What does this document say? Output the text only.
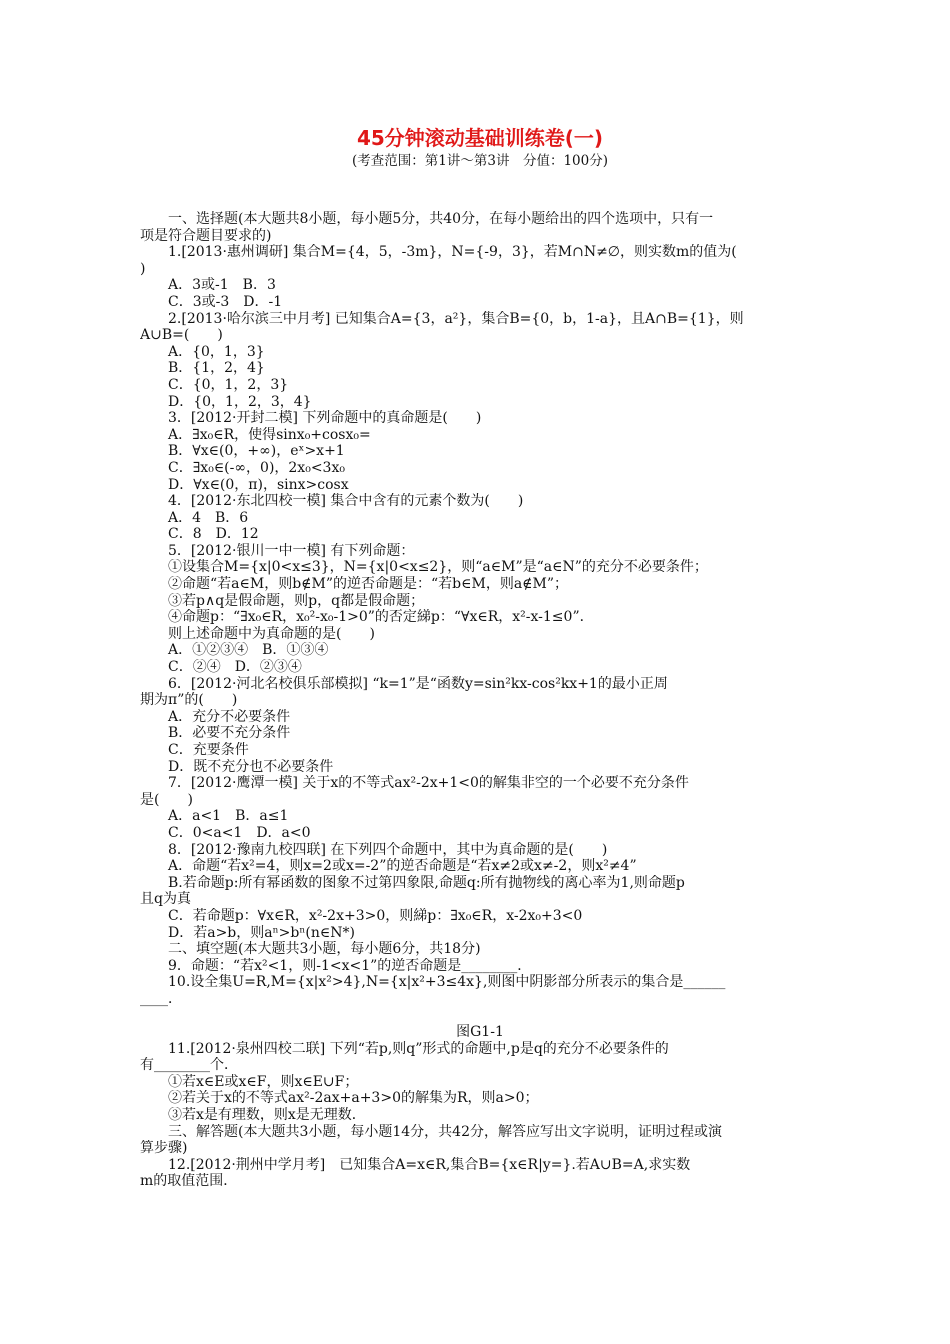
45分钟滚动基础训练卷(一)
(考查范围：第1讲～第3讲　分值：100分)
一、选择题(本大题共8小题，每小题5分，共40分，在每小题给出的四个选项中，只有一
项是符合题目要求的)
1.[2013·惠州调研] 集合M={4，5，-3m}，N={-9，3}，若M∩N≠∅，则实数m的值为(
)
A．3或-1　B．3
C．3或-3　D．-1
2.[2013·哈尔滨三中月考] 已知集合A={3，a²}，集合B={0，b，1-a}，且A∩B={1}，则
A∪B=(　　)
A．{0，1，3}
B．{1，2，4}
C．{0，1，2，3}
D．{0，1，2，3，4}
3．[2012·开封二模] 下列命题中的真命题是(　　)
A．∃x₀∈R，使得sinx₀+cosx₀=
B．∀x∈(0，+∞)，eˣ>x+1
C．∃x₀∈(-∞，0)，2x₀<3x₀
D．∀x∈(0，π)，sinx>cosx
4．[2012·东北四校一模] 集合中含有的元素个数为(　　)
A．4　B．6
C．8　D．12
5．[2012·银川一中一模] 有下列命题：
①设集合M={x|0<x≤3}，N={x|0<x≤2}，则“a∈M”是“a∈N”的充分不必要条件；
②命题“若a∈M，则b∉M”的逆否命题是：“若b∈M，则a∉M”；
③若p∧q是假命题，则p，q都是假命题；
④命题p：“∃x₀∈R，x₀²-x₀-1>0”的否定綈p：“∀x∈R，x²-x-1≤0”．
则上述命题中为真命题的是(　　)
A．①②③④　B．①③④
C．②④　D．②③④
6．[2012·河北名校俱乐部模拟] “k=1”是“函数y=sin²kx-cos²kx+1的最小正周
期为π”的(　　)
A．充分不必要条件
B．必要不充分条件
C．充要条件
D．既不充分也不必要条件
7．[2012·鹰潭一模] 关于x的不等式ax²-2x+1<0的解集非空的一个必要不充分条件
是(　　)
A．a<1　B．a≤1
C．0<a<1　D．a<0
8．[2012·豫南九校四联] 在下列四个命题中，其中为真命题的是(　　)
A．命题“若x²=4，则x=2或x=-2”的逆否命题是“若x≠2或x≠-2，则x²≠4”
B.若命题p:所有幂函数的图象不过第四象限,命题q:所有抛物线的离心率为1,则命题p
且q为真
C．若命题p：∀x∈R，x²-2x+3>0，则綈p：∃x₀∈R，x-2x₀+3<0
D．若a>b，则aⁿ>bⁿ(n∈N*)
二、填空题(本大题共3小题，每小题6分，共18分)
9．命题：“若x²<1，则-1<x<1”的逆否命题是________．
10.设全集U=R,M={x|x²>4},N={x|x²+3≤4x},则图中阴影部分所表示的集合是______
____．
图G1-1
11.[2012·泉州四校二联] 下列“若p,则q”形式的命题中,p是q的充分不必要条件的
有________个．
①若x∈E或x∈F，则x∈E∪F；
②若关于x的不等式ax²-2ax+a+3>0的解集为R，则a>0；
③若x是有理数，则x是无理数．
三、解答题(本大题共3小题，每小题14分，共42分，解答应写出文字说明，证明过程或演
算步骤)
12.[2012·荆州中学月考]　已知集合A=x∈R,集合B={x∈R|y=}.若A∪B=A,求实数
m的取值范围．
